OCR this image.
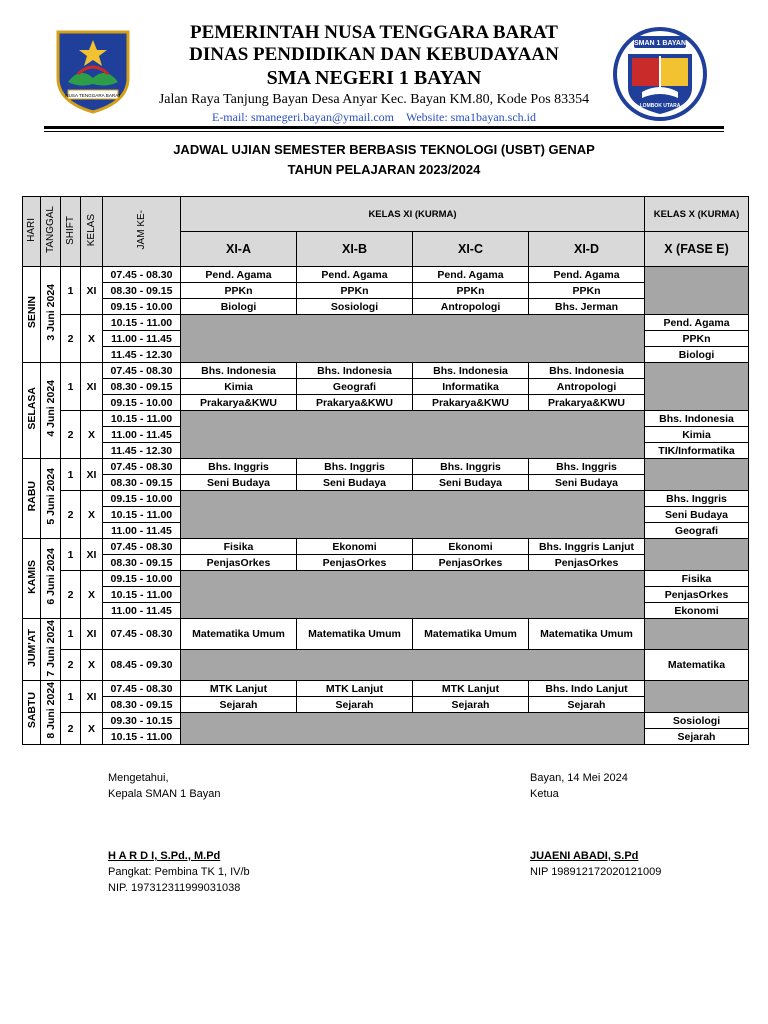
NUSA TENGGARA BARAT
PEMERINTAH NUSA TENGGARA BARAT
DINAS PENDIDIKAN DAN KEBUDAYAAN
SMA NEGERI 1 BAYAN
Jalan Raya Tanjung Bayan Desa Anyar Kec. Bayan KM.80, Kode Pos 83354
E-mail: smanegeri.bayan@ymail.com Website: sma1bayan.sch.id
SMAN 1 BAYAN
LOMBOK UTARA
JADWAL UJIAN SEMESTER BERBASIS TEKNOLOGI (USBT) GENAP
TAHUN PELAJARAN 2023/2024
HARI	TANGGAL	SHIFT	KELAS	JAM KE-	KELAS XI (KURMA)				KELAS X (KURMA)
					XI-A	XI-B	XI-C	XI-D	X (FASE E)
SENIN	3 Juni 2024	1	XI	07.45 - 08.30	Pend. Agama	Pend. Agama	Pend. Agama	Pend. Agama	
				08.30 - 09.15	PPKn	PPKn	PPKn	PPKn	
				09.15 - 10.00	Biologi	Sosiologi	Antropologi	Bhs. Jerman	
		2	X	10.15 - 11.00					Pend. Agama
				11.00 - 11.45					PPKn
				11.45 - 12.30					Biologi
SELASA	4 Juni 2024	1	XI	07.45 - 08.30	Bhs. Indonesia	Bhs. Indonesia	Bhs. Indonesia	Bhs. Indonesia	
				08.30 - 09.15	Kimia	Geografi	Informatika	Antropologi	
				09.15 - 10.00	Prakarya&KWU	Prakarya&KWU	Prakarya&KWU	Prakarya&KWU	
		2	X	10.15 - 11.00					Bhs. Indonesia
				11.00 - 11.45					Kimia
				11.45 - 12.30					TIK/Informatika
RABU	5 Juni 2024	1	XI	07.45 - 08.30	Bhs. Inggris	Bhs. Inggris	Bhs. Inggris	Bhs. Inggris	
				08.30 - 09.15	Seni Budaya	Seni Budaya	Seni Budaya	Seni Budaya	
		2	X	09.15 - 10.00					Bhs. Inggris
				10.15 - 11.00					Seni Budaya
				11.00 - 11.45					Geografi
KAMIS	6 Juni 2024	1	XI	07.45 - 08.30	Fisika	Ekonomi	Ekonomi	Bhs. Inggris Lanjut	
				08.30 - 09.15	PenjasOrkes	PenjasOrkes	PenjasOrkes	PenjasOrkes	
		2	X	09.15 - 10.00					Fisika
				10.15 - 11.00					PenjasOrkes
				11.00 - 11.45					Ekonomi
JUM'AT	7 Juni 2024	1	XI	07.45 - 08.30	Matematika Umum	Matematika Umum	Matematika Umum	Matematika Umum	
		2	X	08.45 - 09.30					Matematika
SABTU	8 Juni 2024	1	XI	07.45 - 08.30	MTK Lanjut	MTK Lanjut	MTK Lanjut	Bhs. Indo Lanjut	
				08.30 - 09.15	Sejarah	Sejarah	Sejarah	Sejarah	
		2	X	09.30 - 10.15					Sosiologi
				10.15 - 11.00					Sejarah
Mengetahui,
Kepala SMAN 1 Bayan
H A R D I, S.Pd., M.Pd
Pangkat: Pembina TK 1, IV/b
NIP. 197312311999031038
Bayan, 14 Mei 2024
Ketua
JUAENI ABADI, S.Pd
NIP 198912172020121009
